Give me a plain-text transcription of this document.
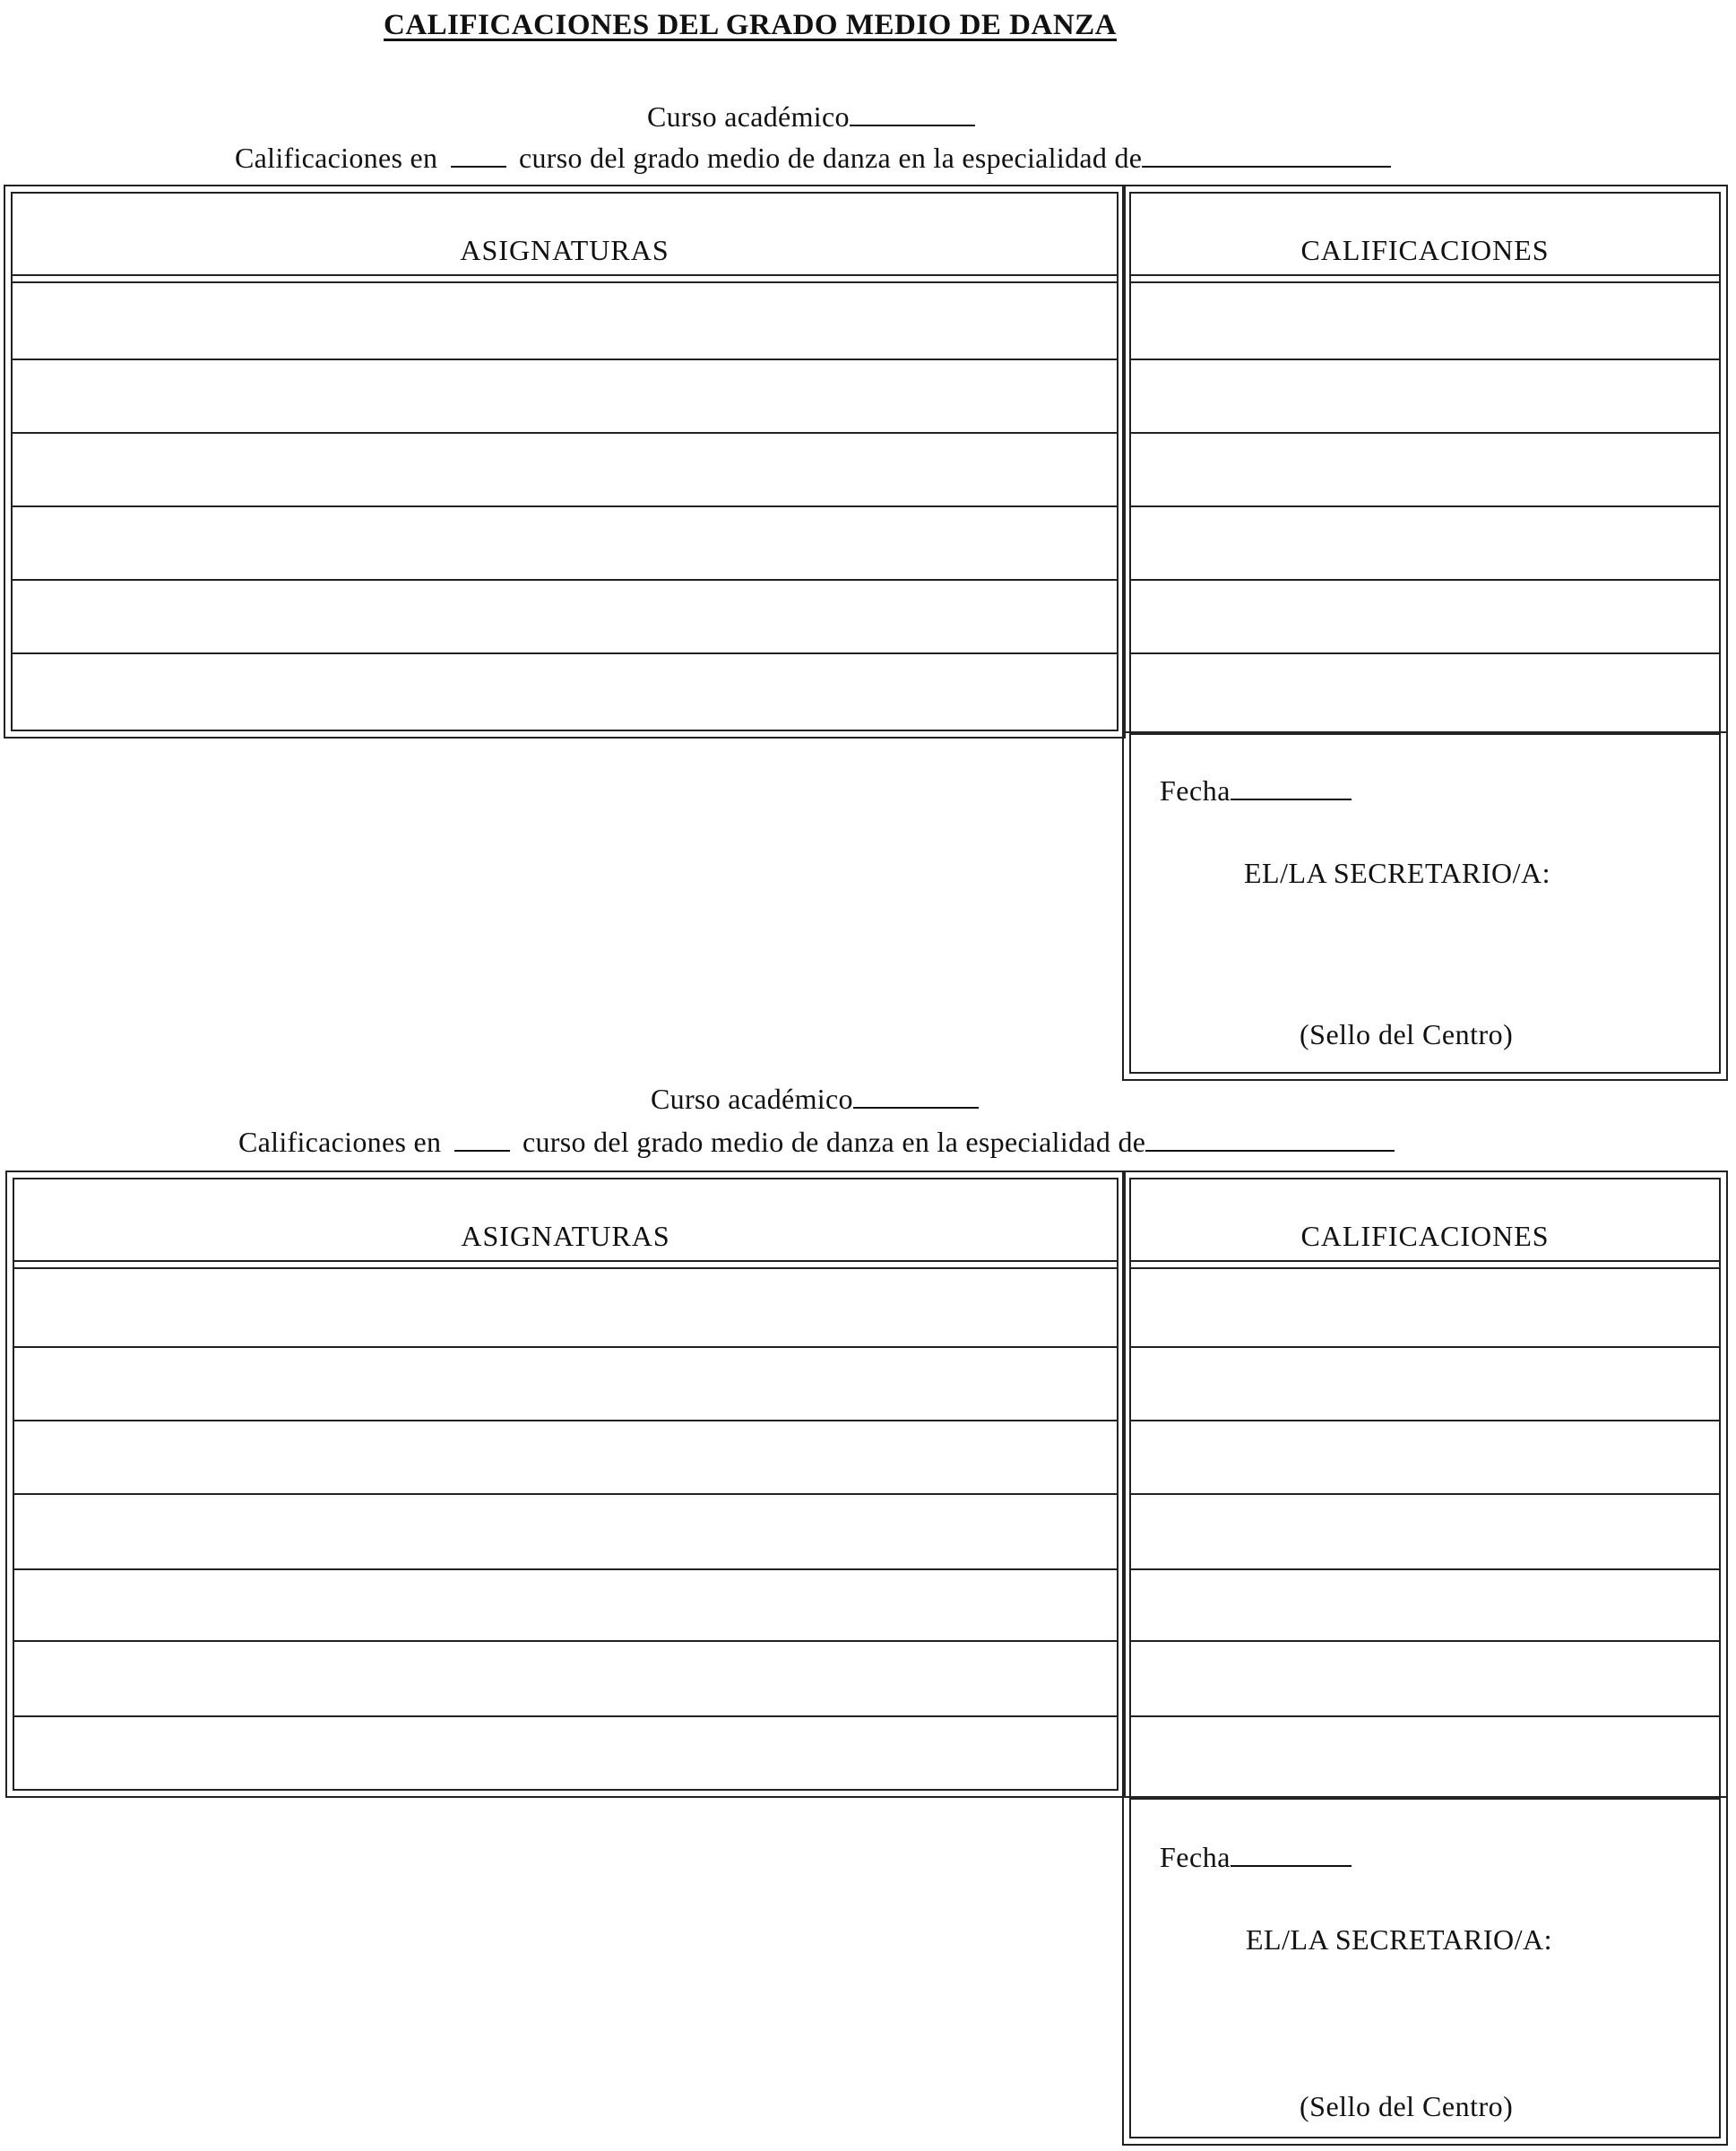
CALIFICACIONES DEL GRADO MEDIO DE DANZA
Curso académico
Calificaciones en	curso del grado medio de danza en la especialidad de
ASIGNATURAS	CALIFICACIONES
Fecha
EL/LA SECRETARIO/A:
(Sello del Centro)
Curso académico
Calificaciones en	curso del grado medio de danza en la especialidad de
ASIGNATURAS	CALIFICACIONES
Fecha
EL/LA SECRETARIO/A:
(Sello del Centro)
